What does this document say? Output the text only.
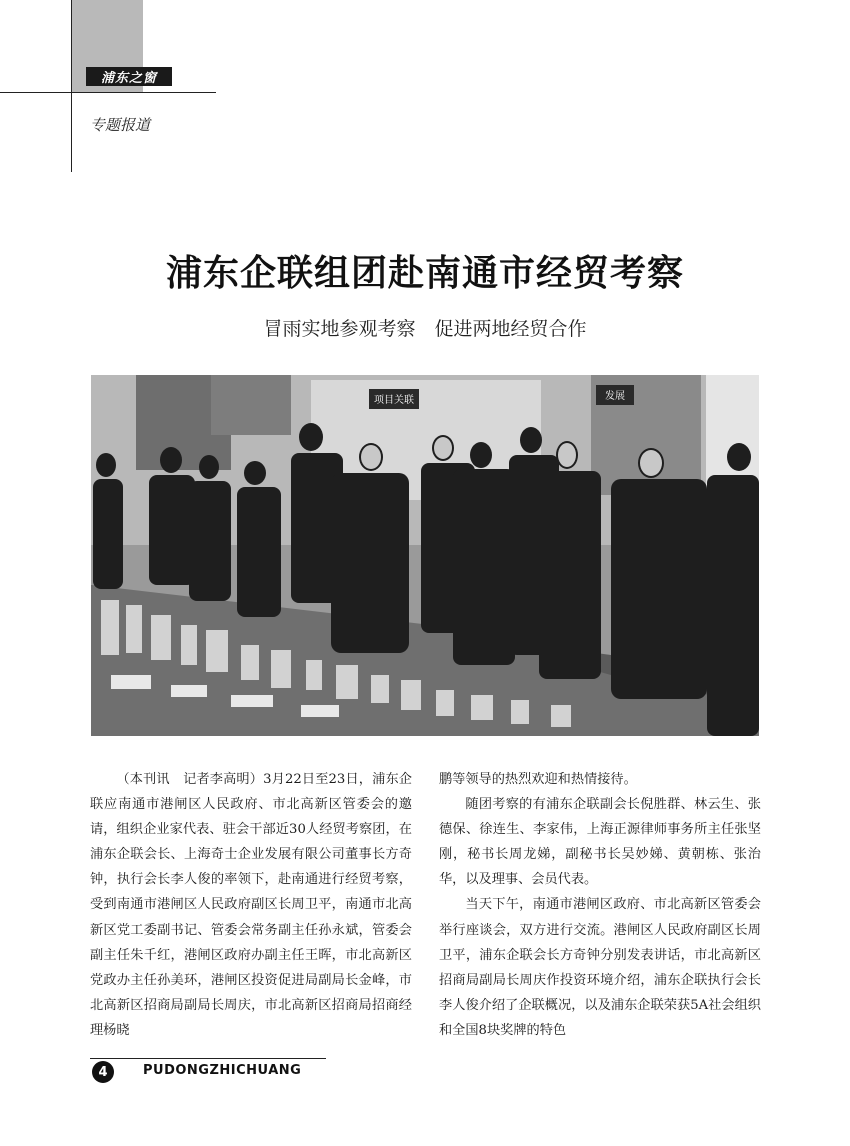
浦东之窗
专题报道
浦东企联组团赴南通市经贸考察
冒雨实地参观考察　促进两地经贸合作
项目关联	发展

（本刊讯　记者李高明）3月22日至23日，浦东企联应南通市港闸区人民政府、市北高新区管委会的邀请，组织企业家代表、驻会干部近30人经贸考察团，在浦东企联会长、上海奇士企业发展有限公司董事长方奇钟，执行会长李人俊的率领下，赴南通进行经贸考察，受到南通市港闸区人民政府副区长周卫平，南通市北高新区党工委副书记、管委会常务副主任孙永斌，管委会副主任朱千红，港闸区政府办副主任王晖，市北高新区党政办主任孙美环，港闸区投资促进局副局长金峰，市北高新区招商局副局长周庆，市北高新区招商局招商经理杨晓

鹏等领导的热烈欢迎和热情接待。

随团考察的有浦东企联副会长倪胜群、林云生、张德保、徐连生、李家伟，上海正源律师事务所主任张坚刚，秘书长周龙娣，副秘书长吴妙娣、黄朝栋、张治华，以及理事、会员代表。

当天下午，南通市港闸区政府、市北高新区管委会举行座谈会，双方进行交流。港闸区人民政府副区长周卫平，浦东企联会长方奇钟分别发表讲话，市北高新区招商局副局长周庆作投资环境介绍，浦东企联执行会长李人俊介绍了企联概况，以及浦东企联荣获5A社会组织和全国8块奖牌的特色

4	PUDONGZHICHUANG
